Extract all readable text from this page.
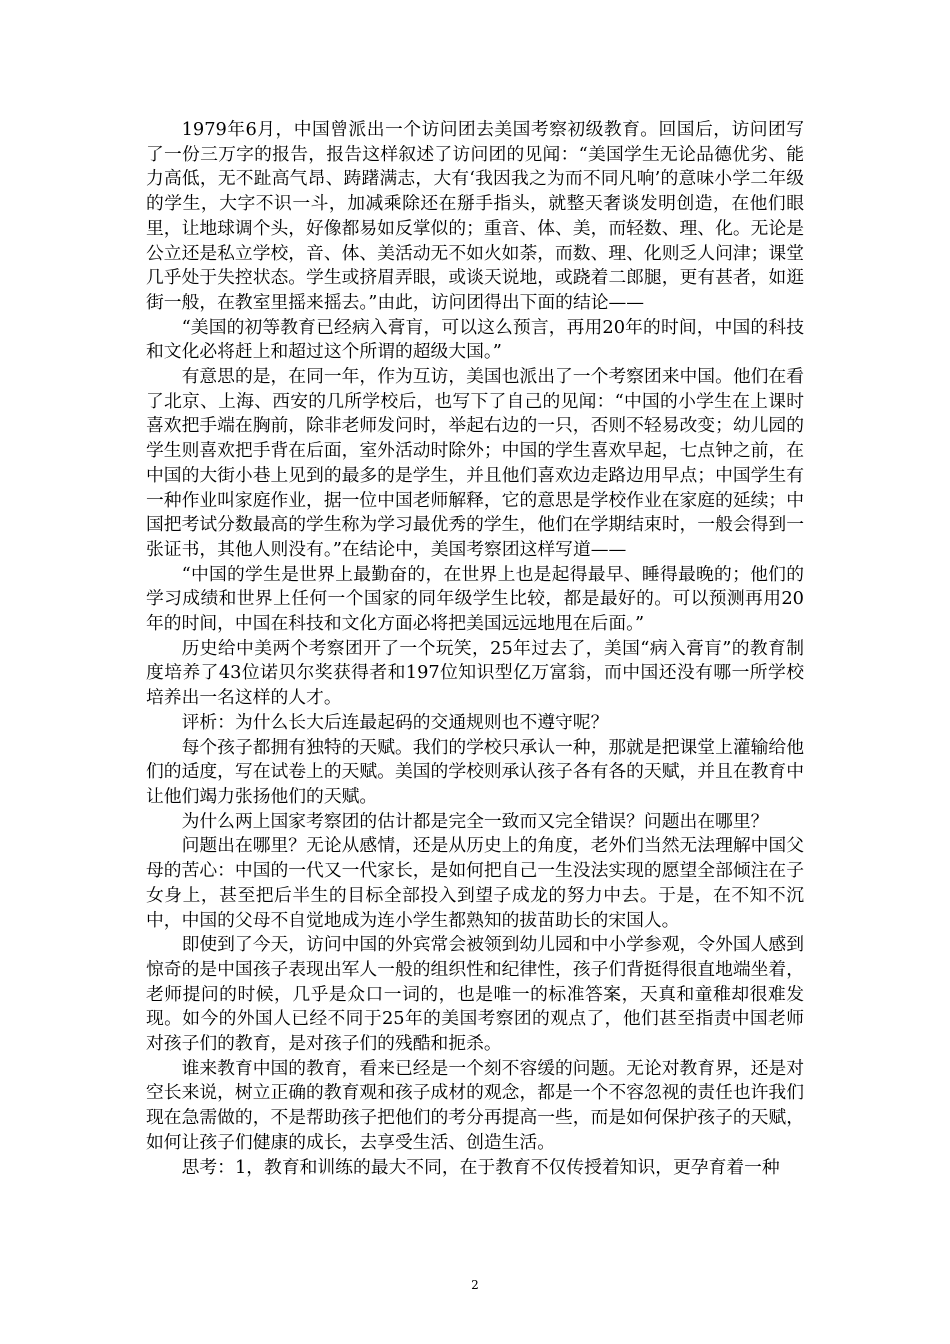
1979年6月，中国曾派出一个访问团去美国考察初级教育。回国后，访问团写了一份三万字的报告，报告这样叙述了访问团的见闻：“美国学生无论品德优劣、能力高低，无不趾高气昂、踌躇满志，大有‘我因我之为而不同凡响’的意味小学二年级的学生，大字不识一斗，加减乘除还在掰手指头，就整天奢谈发明创造，在他们眼里，让地球调个头，好像都易如反掌似的；重音、体、美，而轻数、理、化。无论是公立还是私立学校，音、体、美活动无不如火如荼，而数、理、化则乏人问津；课堂几乎处于失控状态。学生或挤眉弄眼，或谈天说地，或跷着二郎腿，更有甚者，如逛街一般，在教室里摇来摇去。”由此，访问团得出下面的结论——

“美国的初等教育已经病入膏肓，可以这么预言，再用20年的时间，中国的科技和文化必将赶上和超过这个所谓的超级大国。”

有意思的是，在同一年，作为互访，美国也派出了一个考察团来中国。他们在看了北京、上海、西安的几所学校后，也写下了自己的见闻：“中国的小学生在上课时喜欢把手端在胸前，除非老师发问时，举起右边的一只，否则不轻易改变；幼儿园的学生则喜欢把手背在后面，室外活动时除外；中国的学生喜欢早起，七点钟之前，在中国的大街小巷上见到的最多的是学生，并且他们喜欢边走路边用早点；中国学生有一种作业叫家庭作业，据一位中国老师解释，它的意思是学校作业在家庭的延续；中国把考试分数最高的学生称为学习最优秀的学生，他们在学期结束时，一般会得到一张证书，其他人则没有。”在结论中，美国考察团这样写道——

“中国的学生是世界上最勤奋的，在世界上也是起得最早、睡得最晚的；他们的学习成绩和世界上任何一个国家的同年级学生比较，都是最好的。可以预测再用20年的时间，中国在科技和文化方面必将把美国远远地甩在后面。”

历史给中美两个考察团开了一个玩笑，25年过去了，美国“病入膏肓”的教育制度培养了43位诺贝尔奖获得者和197位知识型亿万富翁，而中国还没有哪一所学校培养出一名这样的人才。

评析：为什么长大后连最起码的交通规则也不遵守呢？

每个孩子都拥有独特的天赋。我们的学校只承认一种，那就是把课堂上灌输给他们的适度，写在试卷上的天赋。美国的学校则承认孩子各有各的天赋，并且在教育中让他们竭力张扬他们的天赋。

为什么两上国家考察团的估计都是完全一致而又完全错误？问题出在哪里？

问题出在哪里？无论从感情，还是从历史上的角度，老外们当然无法理解中国父母的苦心：中国的一代又一代家长，是如何把自己一生没法实现的愿望全部倾注在子女身上，甚至把后半生的目标全部投入到望子成龙的努力中去。于是，在不知不沉中，中国的父母不自觉地成为连小学生都熟知的拔苗助长的宋国人。

即使到了今天，访问中国的外宾常会被领到幼儿园和中小学参观，令外国人感到惊奇的是中国孩子表现出军人一般的组织性和纪律性，孩子们背挺得很直地端坐着，老师提问的时候，几乎是众口一词的，也是唯一的标准答案，天真和童稚却很难发现。如今的外国人已经不同于25年的美国考察团的观点了，他们甚至指责中国老师对孩子们的教育，是对孩子们的残酷和扼杀。

谁来教育中国的教育，看来已经是一个刻不容缓的问题。无论对教育界，还是对空长来说，树立正确的教育观和孩子成材的观念，都是一个不容忽视的责任也许我们现在急需做的，不是帮助孩子把他们的考分再提高一些，而是如何保护孩子的天赋，如何让孩子们健康的成长，去享受生活、创造生活。

思考：1，教育和训练的最大不同，在于教育不仅传授着知识，更孕育着一种

2
